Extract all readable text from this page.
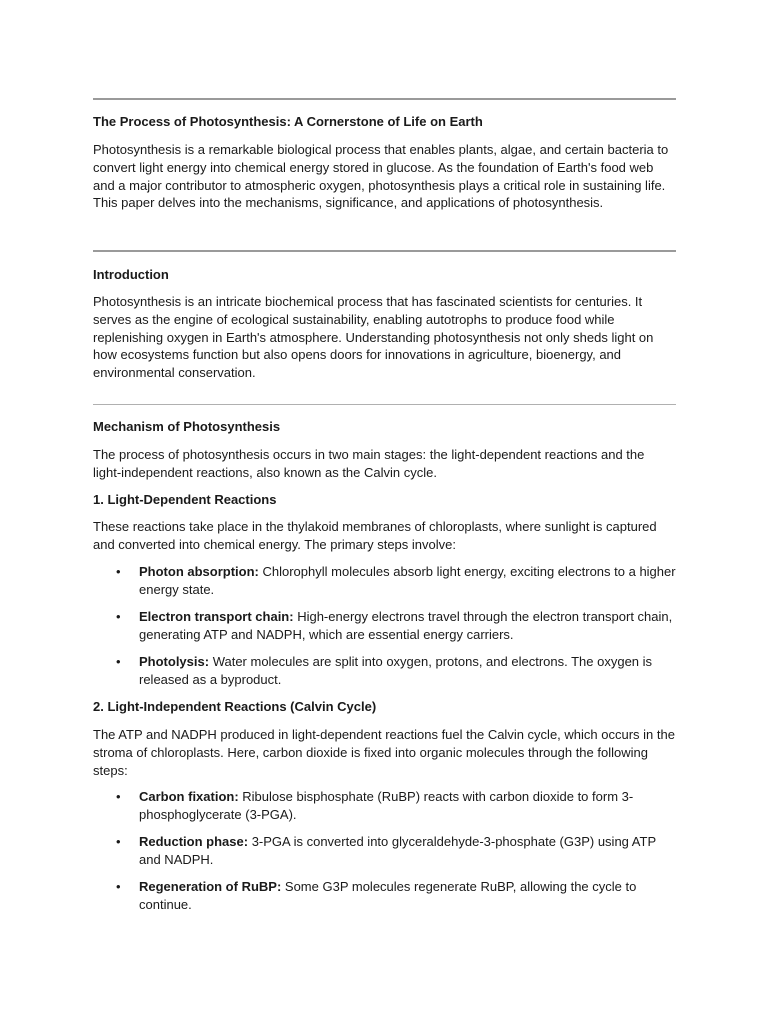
The Process of Photosynthesis: A Cornerstone of Life on Earth

Photosynthesis is a remarkable biological process that enables plants, algae, and certain bacteria to convert light energy into chemical energy stored in glucose. As the foundation of Earth's food web and a major contributor to atmospheric oxygen, photosynthesis plays a critical role in sustaining life. This paper delves into the mechanisms, significance, and applications of photosynthesis.

Introduction

Photosynthesis is an intricate biochemical process that has fascinated scientists for centuries. It serves as the engine of ecological sustainability, enabling autotrophs to produce food while replenishing oxygen in Earth's atmosphere. Understanding photosynthesis not only sheds light on how ecosystems function but also opens doors for innovations in agriculture, bioenergy, and environmental conservation.

Mechanism of Photosynthesis

The process of photosynthesis occurs in two main stages: the light-dependent reactions and the light-independent reactions, also known as the Calvin cycle.

1. Light-Dependent Reactions

These reactions take place in the thylakoid membranes of chloroplasts, where sunlight is captured and converted into chemical energy. The primary steps involve:

• Photon absorption: Chlorophyll molecules absorb light energy, exciting electrons to a higher energy state.

• Electron transport chain: High-energy electrons travel through the electron transport chain, generating ATP and NADPH, which are essential energy carriers.

• Photolysis: Water molecules are split into oxygen, protons, and electrons. The oxygen is released as a byproduct.

2. Light-Independent Reactions (Calvin Cycle)

The ATP and NADPH produced in light-dependent reactions fuel the Calvin cycle, which occurs in the stroma of chloroplasts. Here, carbon dioxide is fixed into organic molecules through the following steps:

• Carbon fixation: Ribulose bisphosphate (RuBP) reacts with carbon dioxide to form 3-phosphoglycerate (3-PGA).

• Reduction phase: 3-PGA is converted into glyceraldehyde-3-phosphate (G3P) using ATP and NADPH.

• Regeneration of RuBP: Some G3P molecules regenerate RuBP, allowing the cycle to continue.
